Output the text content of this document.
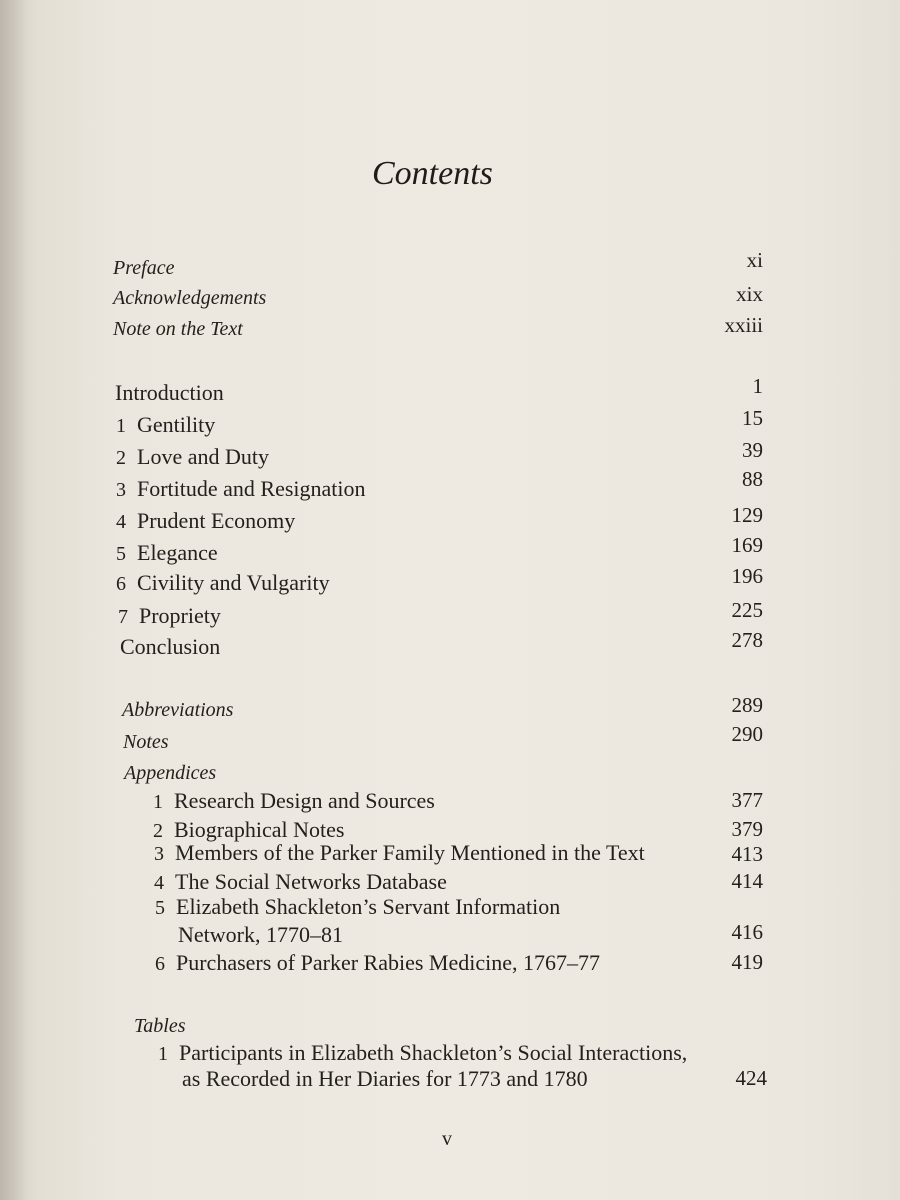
Contents
Preface	xi
Acknowledgements	xix
Note on the Text	xxiii
Introduction	1
1 Gentility	15
2 Love and Duty	39
3 Fortitude and Resignation	88
4 Prudent Economy	129
5 Elegance	169
6 Civility and Vulgarity	196
7 Propriety	225
Conclusion	278
Abbreviations	289
Notes	290
Appendices
1 Research Design and Sources	377
2 Biographical Notes	379
3 Members of the Parker Family Mentioned in the Text	413
4 The Social Networks Database	414
5 Elizabeth Shackleton’s Servant Information
Network, 1770–81	416
6 Purchasers of Parker Rabies Medicine, 1767–77	419
Tables
1 Participants in Elizabeth Shackleton’s Social Interactions,
as Recorded in Her Diaries for 1773 and 1780	424
v
